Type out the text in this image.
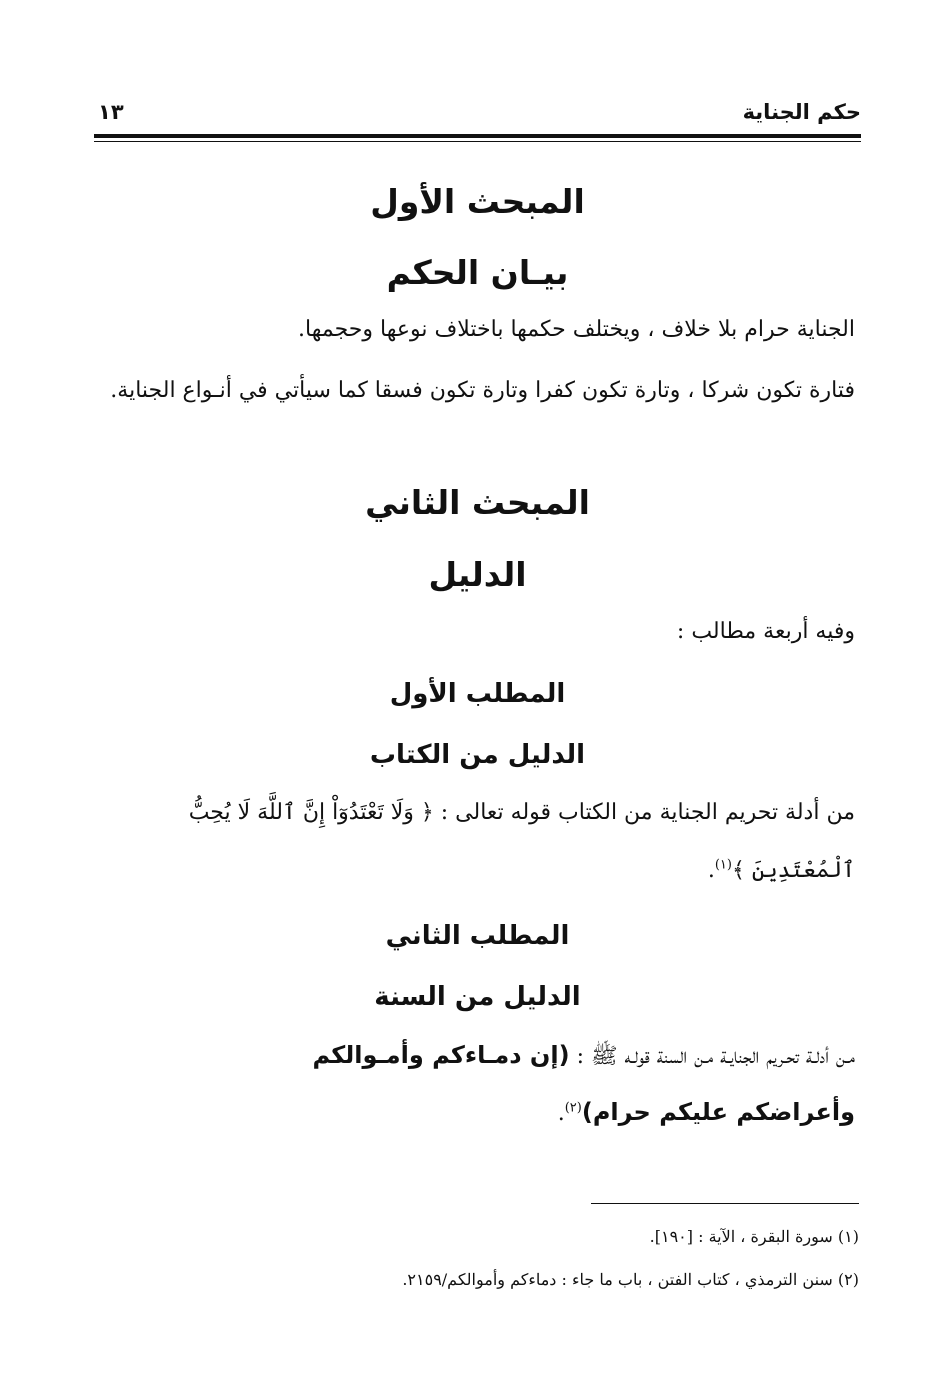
حكم الجناية
١٣
المبحث الأول
بيـان الحكم
الجناية حرام بلا خلاف ، ويختلف حكمها باختلاف نوعها وحجمها.
فتارة تكون شركا ، وتارة تكون كفرا وتارة تكون فسقا كما سيأتي في أنـواع الجناية.
المبحث الثاني
الدليل
وفيه أربعة مطالب :
المطلب الأول
الدليل من الكتاب
من أدلة تحريم الجناية من الكتاب قوله تعالى : ﴿ وَلَا تَعْتَدُوٓاْ إِنَّ ٱللَّهَ لَا يُحِبُّ
ٱلْمُعْتَدِينَ ﴾$^{(١)}$.
المطلب الثاني
الدليل من السنة
مـن أدلـة تحـريم الجنايـة مـن السنة قولـه ﷺ : (إن دمـاءكم وأمـوالكم
وأعراضكم عليكم حرام)$^{(٢)}$.
(١) سورة البقرة ، الآية : [١٩٠].
(٢) سنن الترمذي ، كتاب الفتن ، باب ما جاء : دماءكم وأموالكم/٢١٥٩.
